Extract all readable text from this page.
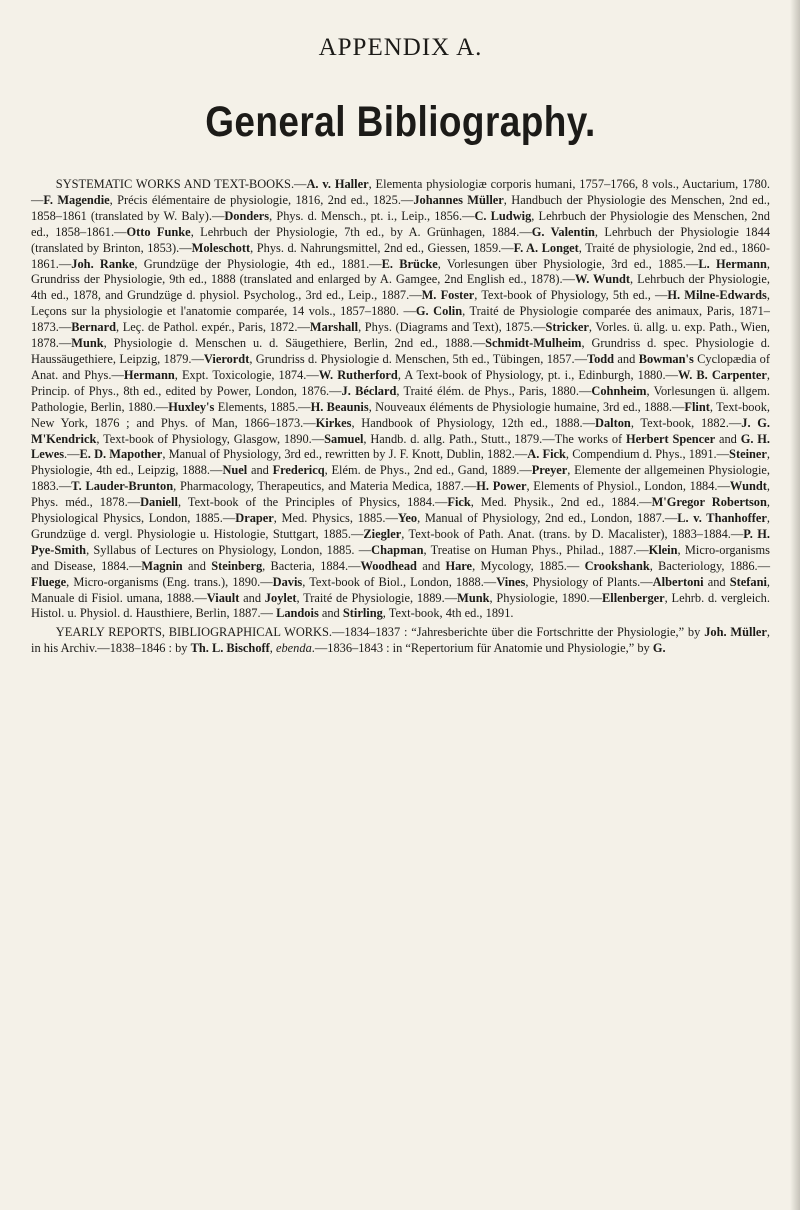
APPENDIX A.
General Bibliography.

SYSTEMATIC WORKS AND TEXT-BOOKS.—A. v. Haller, Elementa physiologiæ corporis humani, 1757–1766, 8 vols., Auctarium, 1780.—F. Magendie, Précis élémentaire de physiologie, 1816, 2nd ed., 1825.—Johannes Müller, Handbuch der Physiologie des Menschen, 2nd ed., 1858–1861 (translated by W. Baly).—Donders, Phys. d. Mensch., pt. i., Leip., 1856.—C. Ludwig, Lehrbuch der Physiologie des Menschen, 2nd ed., 1858–1861.—Otto Funke, Lehrbuch der Physiologie, 7th ed., by A. Grünhagen, 1884.—G. Valentin, Lehrbuch der Physiologie 1844 (translated by Brinton, 1853).—Moleschott, Phys. d. Nahrungsmittel, 2nd ed., Giessen, 1859.—F. A. Longet, Traité de physiologie, 2nd ed., 1860-1861.—Joh. Ranke, Grundzüge der Physiologie, 4th ed., 1881.—E. Brücke, Vorlesungen über Physiologie, 3rd ed., 1885.—L. Hermann, Grundriss der Physiologie, 9th ed., 1888 (translated and enlarged by A. Gamgee, 2nd English ed., 1878).—W. Wundt, Lehrbuch der Physiologie, 4th ed., 1878, and Grundzüge d. physiol. Psycholog., 3rd ed., Leip., 1887.—M. Foster, Text-book of Physiology, 5th ed., —H. Milne-Edwards, Leçons sur la physiologie et l'anatomie comparée, 14 vols., 1857–1880. —G. Colin, Traité de Physiologie comparée des animaux, Paris, 1871–1873.—Bernard, Leç. de Pathol. expér., Paris, 1872.—Marshall, Phys. (Diagrams and Text), 1875.—Stricker, Vorles. ü. allg. u. exp. Path., Wien, 1878.—Munk, Physiologie d. Menschen u. d. Säugethiere, Berlin, 2nd ed., 1888.—Schmidt-Mulheim, Grundriss d. spec. Physiologie d. Haussäugethiere, Leipzig, 1879.—Vierordt, Grundriss d. Physiologie d. Menschen, 5th ed., Tübingen, 1857.—Todd and Bowman's Cyclopædia of Anat. and Phys.—Hermann, Expt. Toxicologie, 1874.—W. Rutherford, A Text-book of Physiology, pt. i., Edinburgh, 1880.—W. B. Carpenter, Princip. of Phys., 8th ed., edited by Power, London, 1876.—J. Béclard, Traité élém. de Phys., Paris, 1880.—Cohnheim, Vorlesungen ü. allgem. Pathologie, Berlin, 1880.—Huxley's Elements, 1885.—H. Beaunis, Nouveaux éléments de Physiologie humaine, 3rd ed., 1888.—Flint, Text-book, New York, 1876 ; and Phys. of Man, 1866–1873.—Kirkes, Handbook of Physiology, 12th ed., 1888.—Dalton, Text-book, 1882.—J. G. M'Kendrick, Text-book of Physiology, Glasgow, 1890.—Samuel, Handb. d. allg. Path., Stutt., 1879.—The works of Herbert Spencer and G. H. Lewes.—E. D. Mapother, Manual of Physiology, 3rd ed., rewritten by J. F. Knott, Dublin, 1882.—A. Fick, Compendium d. Phys., 1891.—Steiner, Physiologie, 4th ed., Leipzig, 1888.—Nuel and Fredericq, Elém. de Phys., 2nd ed., Gand, 1889.—Preyer, Elemente der allgemeinen Physiologie, 1883.—T. Lauder-Brunton, Pharmacology, Therapeutics, and Materia Medica, 1887.—H. Power, Elements of Physiol., London, 1884.—Wundt, Phys. méd., 1878.—Daniell, Text-book of the Principles of Physics, 1884.—Fick, Med. Physik., 2nd ed., 1884.—M'Gregor Robertson, Physiological Physics, London, 1885.—Draper, Med. Physics, 1885.—Yeo, Manual of Physiology, 2nd ed., London, 1887.—L. v. Thanhoffer, Grundzüge d. vergl. Physiologie u. Histologie, Stuttgart, 1885.—Ziegler, Text-book of Path. Anat. (trans. by D. Macalister), 1883–1884.—P. H. Pye-Smith, Syllabus of Lectures on Physiology, London, 1885. —Chapman, Treatise on Human Phys., Philad., 1887.—Klein, Micro-organisms and Disease, 1884.—Magnin and Steinberg, Bacteria, 1884.—Woodhead and Hare, Mycology, 1885.— Crookshank, Bacteriology, 1886.—Fluege, Micro-organisms (Eng. trans.), 1890.—Davis, Text-book of Biol., London, 1888.—Vines, Physiology of Plants.—Albertoni and Stefani, Manuale di Fisiol. umana, 1888.—Viault and Joylet, Traité de Physiologie, 1889.—Munk, Physiologie, 1890.—Ellenberger, Lehrb. d. vergleich. Histol. u. Physiol. d. Hausthiere, Berlin, 1887.— Landois and Stirling, Text-book, 4th ed., 1891.

YEARLY REPORTS, BIBLIOGRAPHICAL WORKS.—1834–1837 : “Jahresberichte über die Fortschritte der Physiologie,” by Joh. Müller, in his Archiv.—1838–1846 : by Th. L. Bischoff, ebenda.—1836–1843 : in “Repertorium für Anatomie und Physiologie,” by G.
